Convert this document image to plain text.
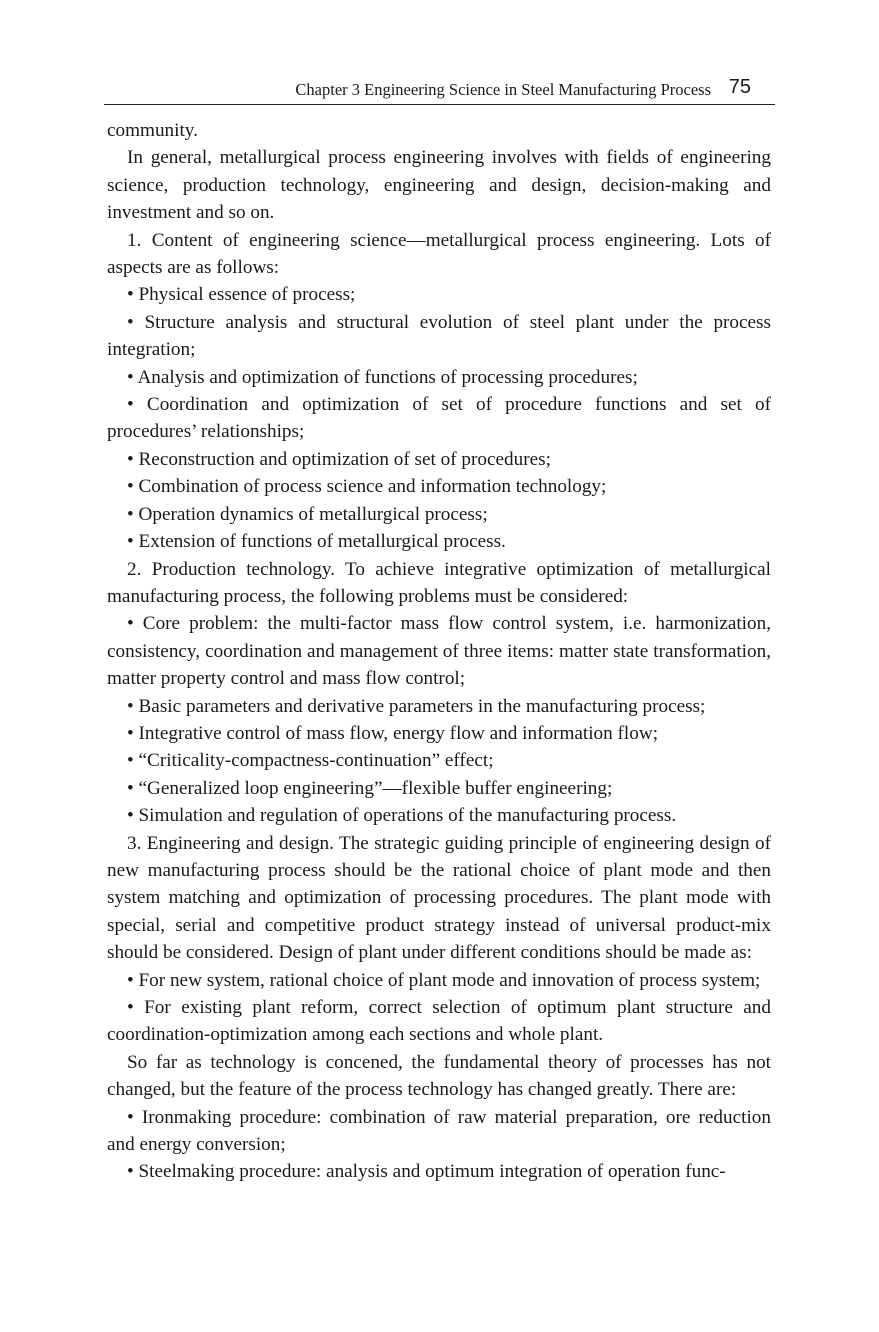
Chapter 3 Engineering Science in Steel Manufacturing Process 75

community.

In general, metallurgical process engineering involves with fields of engineering science, production technology, engineering and design, decision-making and investment and so on.

1. Content of engineering science—metallurgical process engineering. Lots of aspects are as follows:

• Physical essence of process;

• Structure analysis and structural evolution of steel plant under the process integration;

• Analysis and optimization of functions of processing procedures;

• Coordination and optimization of set of procedure functions and set of procedures’ relationships;

• Reconstruction and optimization of set of procedures;

• Combination of process science and information technology;

• Operation dynamics of metallurgical process;

• Extension of functions of metallurgical process.

2. Production technology. To achieve integrative optimization of metallurgical manufacturing process, the following problems must be considered:

• Core problem: the multi-factor mass flow control system, i.e. harmonization, consistency, coordination and management of three items: matter state transformation, matter property control and mass flow control;

• Basic parameters and derivative parameters in the manufacturing process;

• Integrative control of mass flow, energy flow and information flow;

• “Criticality-compactness-continuation” effect;

• “Generalized loop engineering”—flexible buffer engineering;

• Simulation and regulation of operations of the manufacturing process.

3. Engineering and design. The strategic guiding principle of engineering design of new manufacturing process should be the rational choice of plant mode and then system matching and optimization of processing procedures. The plant mode with special, serial and competitive product strategy instead of universal product-mix should be considered. Design of plant under different conditions should be made as:

• For new system, rational choice of plant mode and innovation of process system;

• For existing plant reform, correct selection of optimum plant structure and coordination-optimization among each sections and whole plant.

So far as technology is concened, the fundamental theory of processes has not changed, but the feature of the process technology has changed greatly. There are:

• Ironmaking procedure: combination of raw material preparation, ore reduction and energy conversion;

• Steelmaking procedure: analysis and optimum integration of operation func-
